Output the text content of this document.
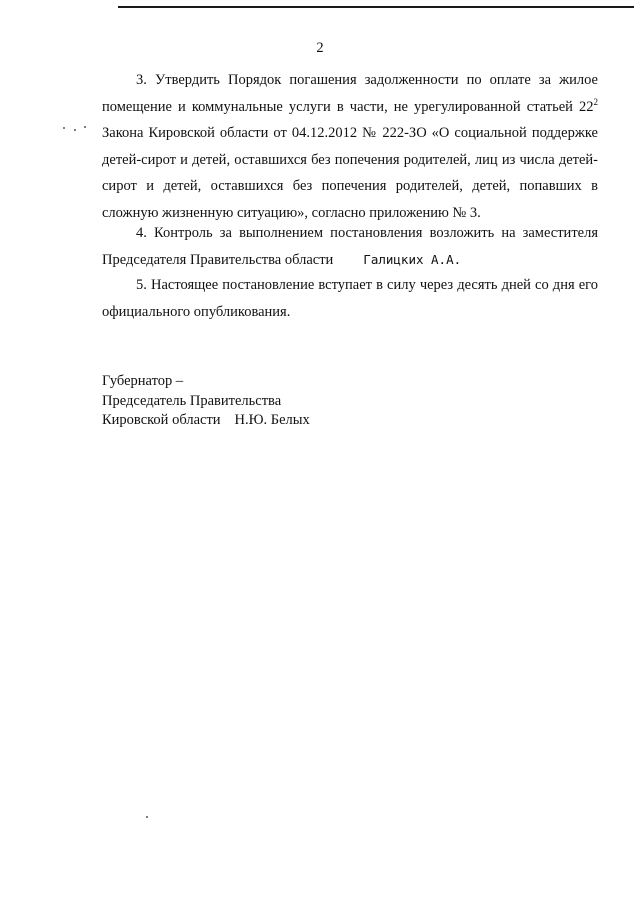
2

3. Утвердить Порядок погашения задолженности по оплате за жилое помещение и коммунальные услуги в части, не урегулированной статьей $22^2$ Закона Кировской области от 04.12.2012 № 222-ЗО «О социальной поддержке детей-сирот и детей, оставшихся без попечения родителей, лиц из числа детей-сирот и детей, оставшихся без попечения родителей, детей, попавших в сложную жизненную ситуацию», согласно приложению № 3.

4. Контроль за выполнением постановления возложить на заместителя Председателя Правительства области Галицких А.А.

5. Настоящее постановление вступает в силу через десять дней со дня его официального опубликования.

Губернатор –
Председатель Правительства
Кировской области Н.Ю. Белых
